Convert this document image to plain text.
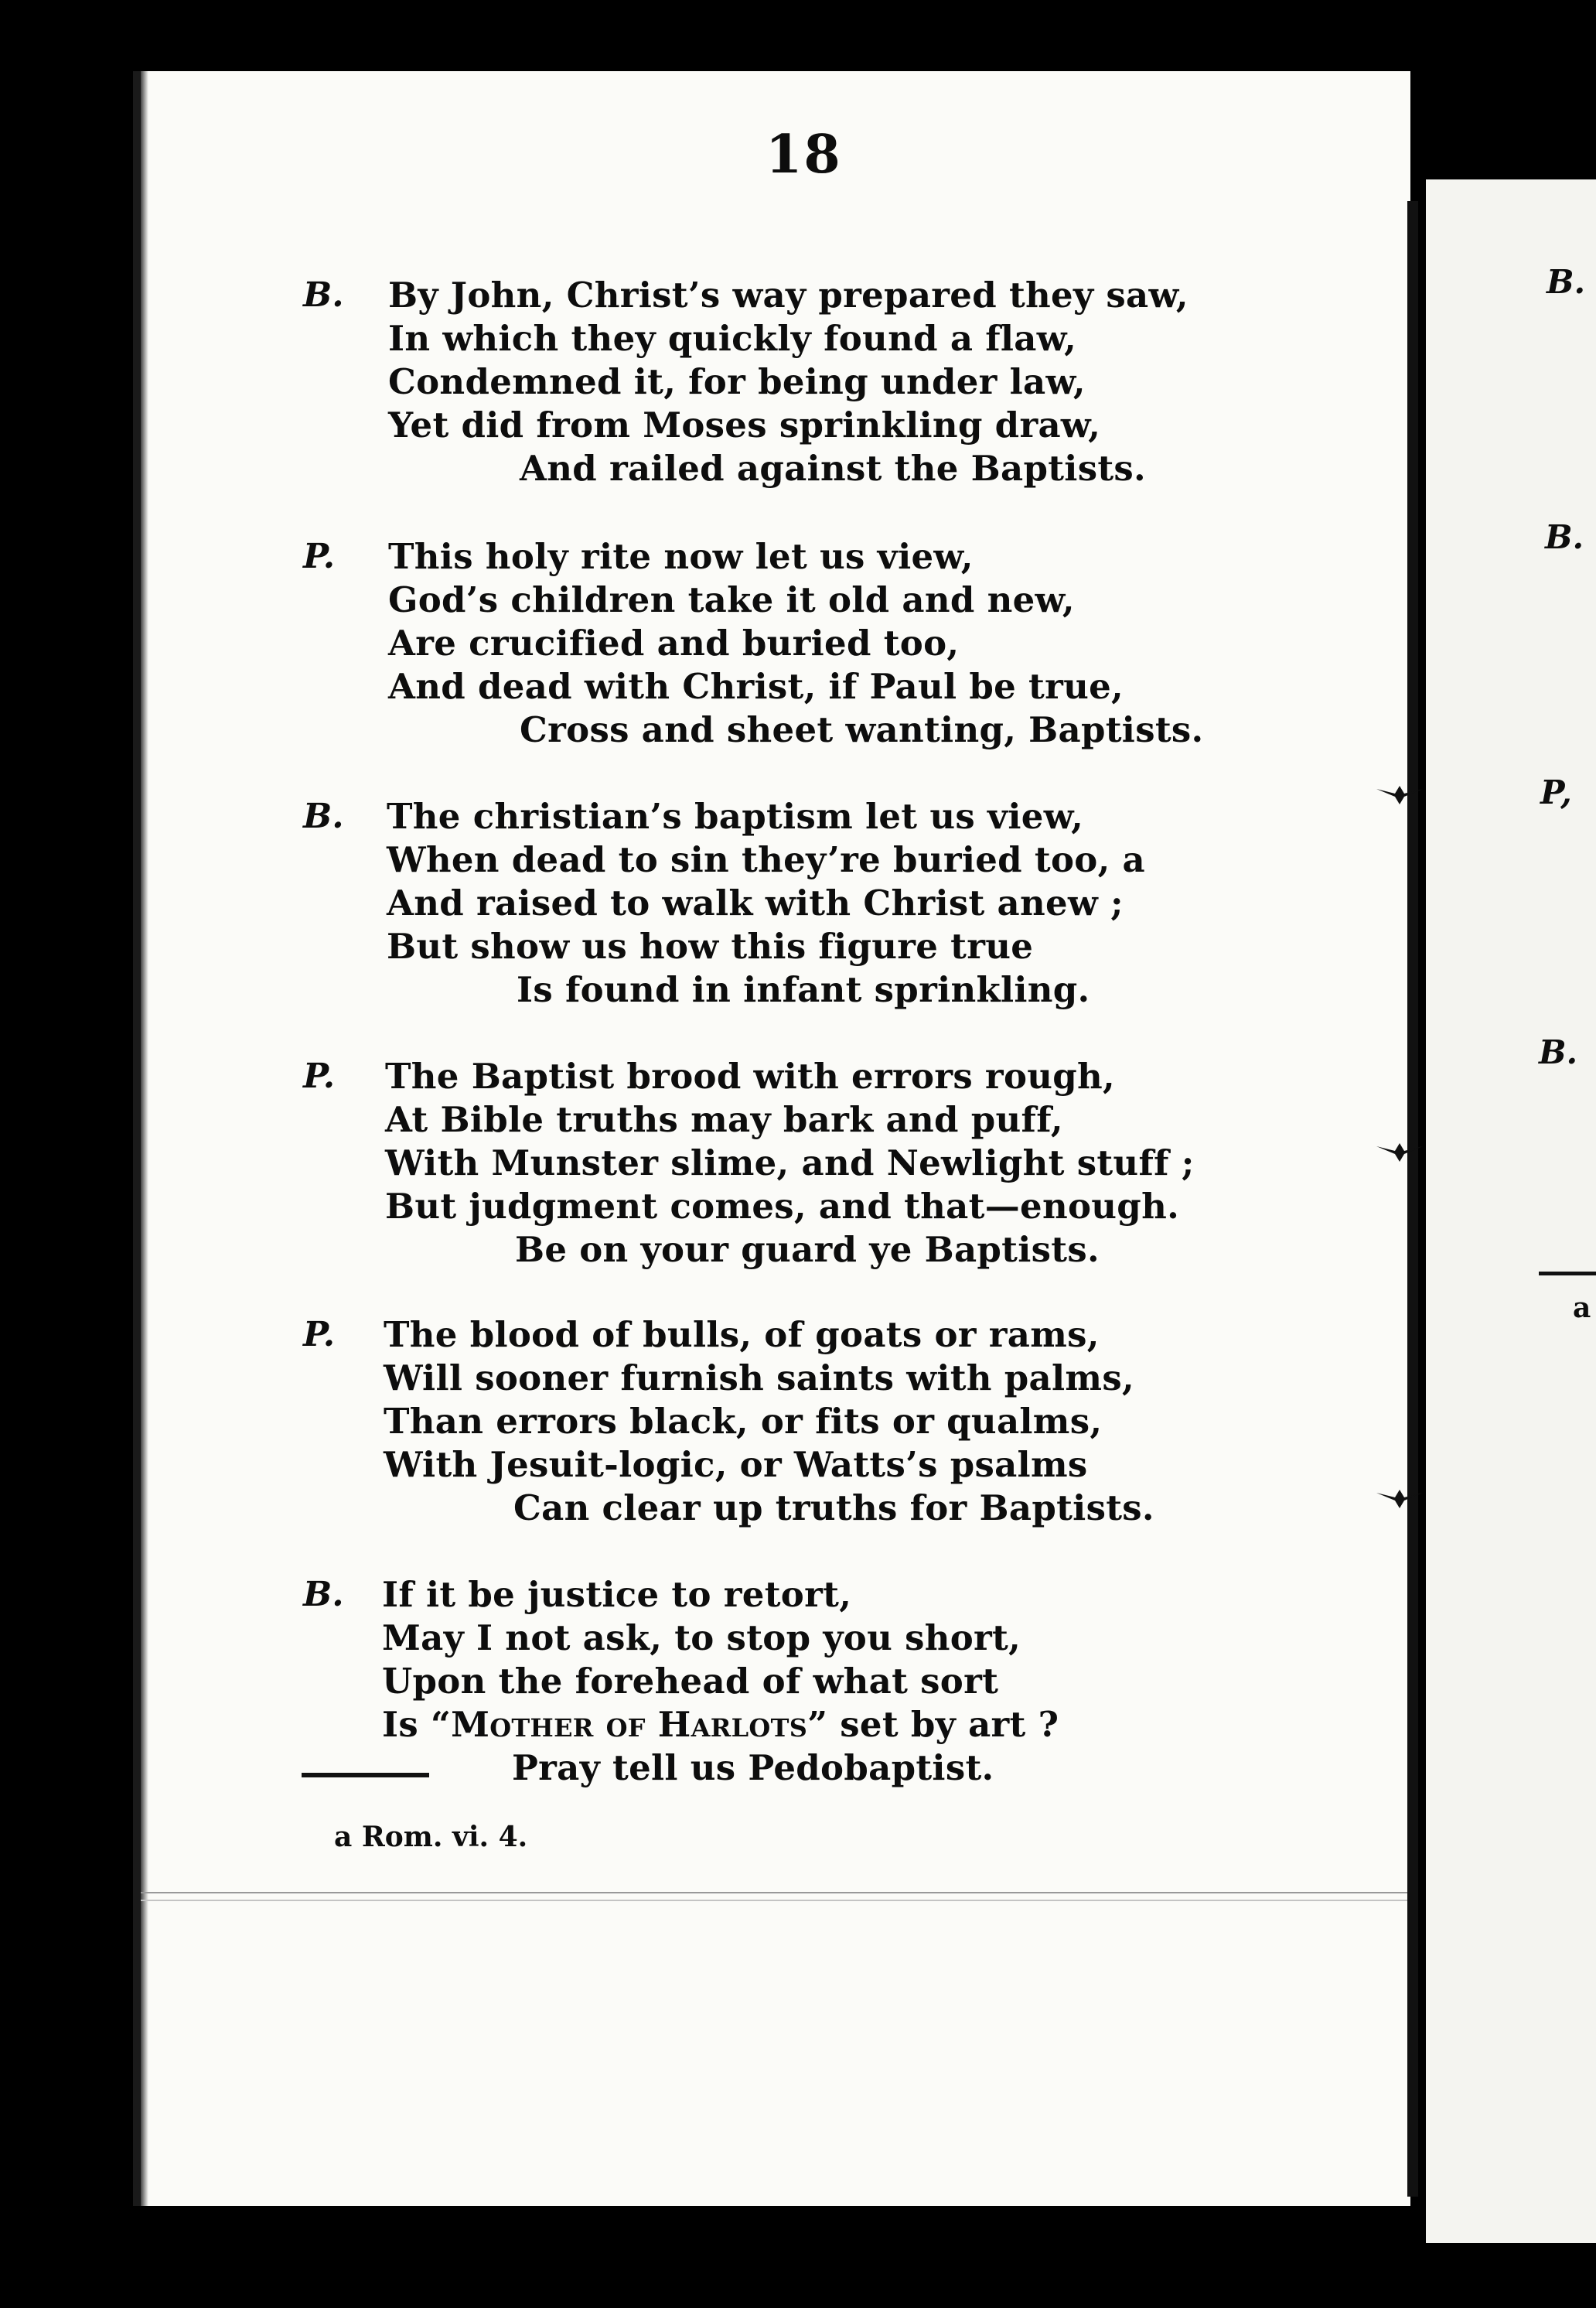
18
B. By John, Christ’s way prepared they saw,
In which they quickly found a flaw,
Condemned it, for being under law,
Yet did from Moses sprinkling draw,
And railed against the Baptists.
P. This holy rite now let us view,
God’s children take it old and new,
Are crucified and buried too,
And dead with Christ, if Paul be true,
Cross and sheet wanting, Baptists.
B. The christian’s baptism let us view,
When dead to sin they’re buried too, a
And raised to walk with Christ anew ;
But show us how this figure true
Is found in infant sprinkling.
P. The Baptist brood with errors rough,
At Bible truths may bark and puff,
With Munster slime, and Newlight stuff ;
But judgment comes, and that—enough.
Be on your guard ye Baptists.
P. The blood of bulls, of goats or rams,
Will sooner furnish saints with palms,
Than errors black, or fits or qualms,
With Jesuit-logic, or Watts’s psalms
Can clear up truths for Baptists.
B. If it be justice to retort,
May I not ask, to stop you short,
Upon the forehead of what sort
Is “Mother of Harlots” set by art ?
Pray tell us Pedobaptist.
a Rom. vi. 4.
B.
B.
P,
B.
a
